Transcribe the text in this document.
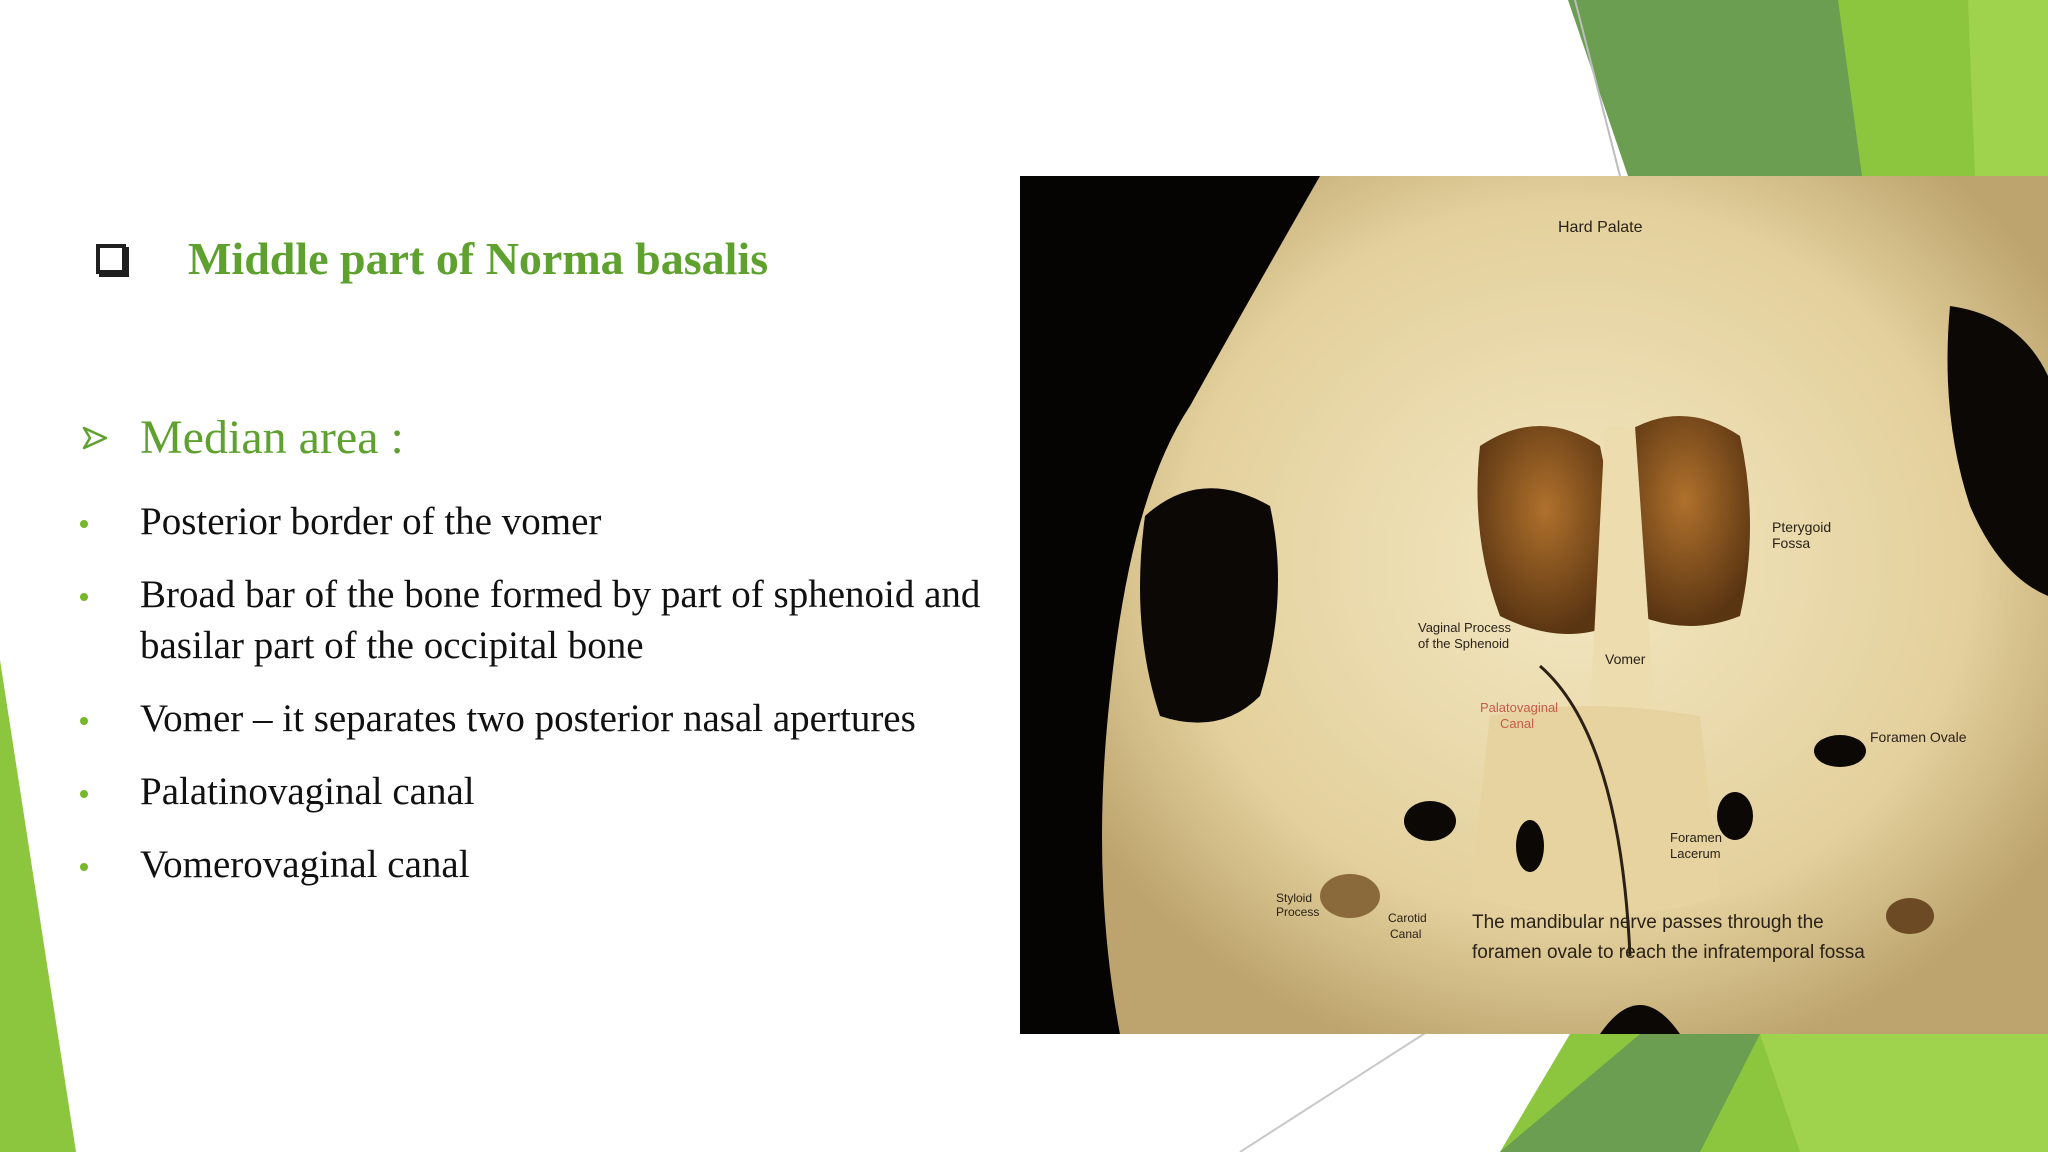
Middle part of Norma basalis
Median area :
Posterior border of the vomer
Broad bar of the bone formed by part of sphenoid and basilar part of the occipital bone
Vomer – it separates two posterior nasal apertures
Palatinovaginal canal
Vomerovaginal canal
Hard Palate
Pterygoid
Fossa
Vaginal Process
of the Sphenoid
Vomer
Palatovaginal
Canal
Foramen Ovale
Foramen
Lacerum
Styloid
Process	Carotid
Canal
The mandibular nerve passes through the
foramen ovale to reach the infratemporal fossa
